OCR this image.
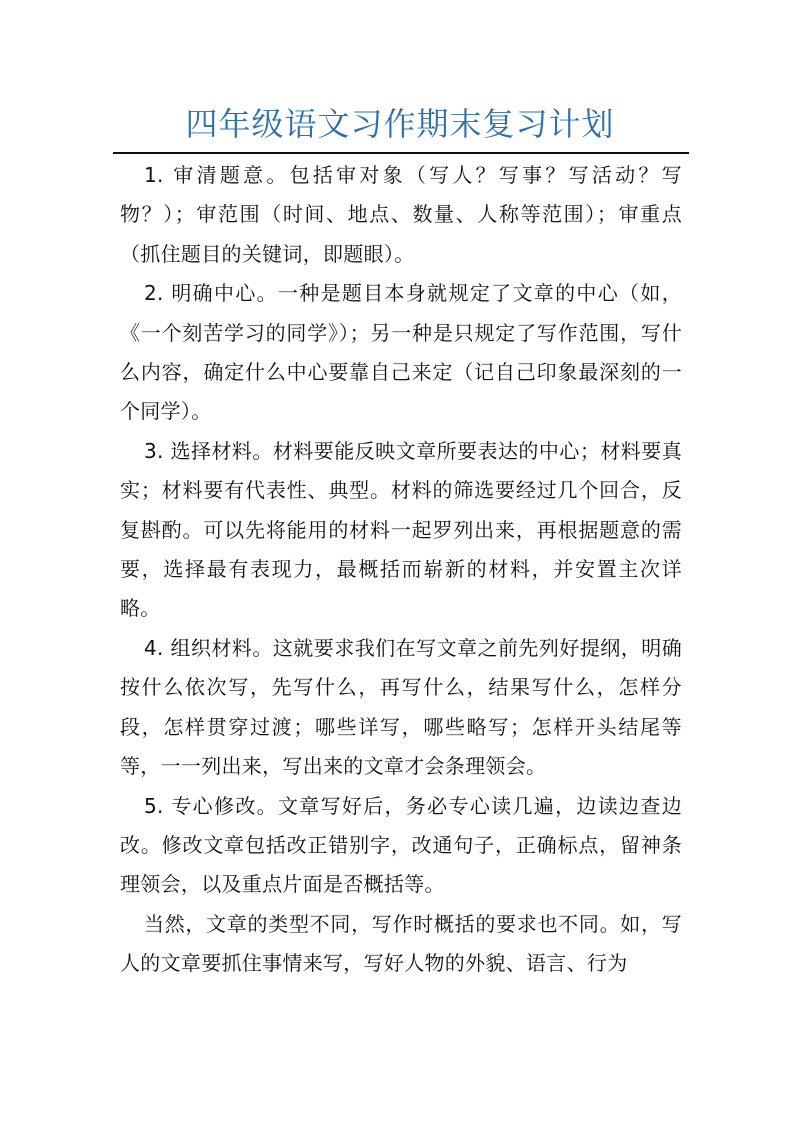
四年级语文习作期末复习计划

1. 审清题意。包括审对象（写人？写事？写活动？写物？）；审范围（时间、地点、数量、人称等范围）；审重点（抓住题目的关键词，即题眼）。

2. 明确中心。一种是题目本身就规定了文章的中心（如，《一个刻苦学习的同学》）；另一种是只规定了写作范围，写什么内容，确定什么中心要靠自己来定（记自己印象最深刻的一个同学）。

3. 选择材料。材料要能反映文章所要表达的中心；材料要真实；材料要有代表性、典型。材料的筛选要经过几个回合，反复斟酌。可以先将能用的材料一起罗列出来，再根据题意的需要，选择最有表现力，最概括而崭新的材料，并安置主次详略。

4. 组织材料。这就要求我们在写文章之前先列好提纲，明确按什么依次写，先写什么，再写什么，结果写什么，怎样分段，怎样贯穿过渡；哪些详写，哪些略写；怎样开头结尾等等，一一列出来，写出来的文章才会条理领会。

5. 专心修改。文章写好后，务必专心读几遍，边读边查边改。修改文章包括改正错别字，改通句子，正确标点，留神条理领会，以及重点片面是否概括等。

当然，文章的类型不同，写作时概括的要求也不同。如，写人的文章要抓住事情来写，写好人物的外貌、语言、行为
